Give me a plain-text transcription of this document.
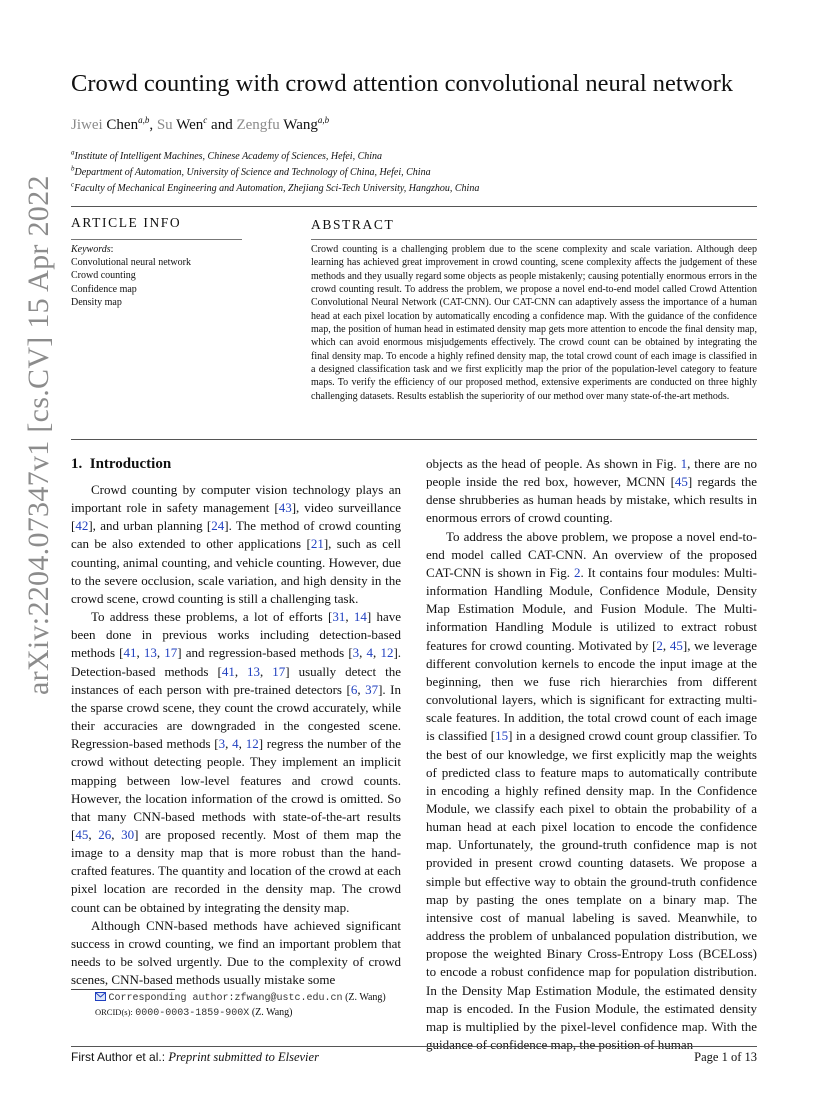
arXiv:2204.07347v1 [cs.CV] 15 Apr 2022
Crowd counting with crowd attention convolutional neural network
Jiwei Chen$^{a,b}$, Su Wen$^c$ and Zengfu Wang$^{a,b}$
$^a$Institute of Intelligent Machines, Chinese Academy of Sciences, Hefei, China
$^b$Department of Automation, University of Science and Technology of China, Hefei, China
$^c$Faculty of Mechanical Engineering and Automation, Zhejiang Sci-Tech University, Hangzhou, China
ARTICLE INFO	ABSTRACT
Keywords:
Convolutional neural network
Crowd counting
Confidence map
Density map
Crowd counting is a challenging problem due to the scene complexity and scale variation. Although deep learning has achieved great improvement in crowd counting, scene complexity affects the judgement of these methods and they usually regard some objects as people mistakenly; causing potentially enormous errors in the crowd counting result. To address the problem, we propose a novel end-to-end model called Crowd Attention Convolutional Neural Network (CAT-CNN). Our CAT-CNN can adaptively assess the importance of a human head at each pixel location by automatically encoding a confidence map. With the guidance of the confidence map, the position of human head in estimated density map gets more attention to encode the final density map, which can avoid enormous misjudgements effectively. The crowd count can be obtained by integrating the final density map. To encode a highly refined density map, the total crowd count of each image is classified in a designed classification task and we first explicitly map the prior of the population-level category to feature maps. To verify the efficiency of our proposed method, extensive experiments are conducted on three highly challenging datasets. Results establish the superiority of our method over many state-of-the-art methods.
1. Introduction

Crowd counting by computer vision technology plays an important role in safety management [43], video surveillance [42], and urban planning [24]. The method of crowd counting can be also extended to other applications [21], such as cell counting, animal counting, and vehicle counting. However, due to the severe occlusion, scale variation, and high density in the crowd scene, crowd counting is still a challenging task.

To address these problems, a lot of efforts [31, 14] have been done in previous works including detection-based methods [41, 13, 17] and regression-based methods [3, 4, 12]. Detection-based methods [41, 13, 17] usually detect the instances of each person with pre-trained detectors [6, 37]. In the sparse crowd scene, they count the crowd accurately, while their accuracies are downgraded in the congested scene. Regression-based methods [3, 4, 12] regress the number of the crowd without detecting people. They implement an implicit mapping between low-level features and crowd counts. However, the location information of the crowd is omitted. So that many CNN-based methods with state-of-the-art results [45, 26, 30] are proposed recently. Most of them map the image to a density map that is more robust than the hand-crafted features. The quantity and location of the crowd at each pixel location are recorded in the density map. The crowd count can be obtained by integrating the density map.

Although CNN-based methods have achieved significant success in crowd counting, we find an important problem that needs to be solved urgently. Due to the complexity of crowd scenes, CNN-based methods usually mistake some

objects as the head of people. As shown in Fig. 1, there are no people inside the red box, however, MCNN [45] regards the dense shrubberies as human heads by mistake, which results in enormous errors of crowd counting.

To address the above problem, we propose a novel end-to-end model called CAT-CNN. An overview of the proposed CAT-CNN is shown in Fig. 2. It contains four modules: Multi-information Handling Module, Confidence Module, Density Map Estimation Module, and Fusion Module. The Multi-information Handling Module is utilized to extract robust features for crowd counting. Motivated by [2, 45], we leverage different convolution kernels to encode the input image at the beginning, then we fuse rich hierarchies from different convolutional layers, which is significant for extracting multi-scale features. In addition, the total crowd count of each image is classified [15] in a designed crowd count group classifier. To the best of our knowledge, we first explicitly map the weights of predicted class to feature maps to automatically contribute in encoding a highly refined density map. In the Confidence Module, we classify each pixel to obtain the probability of a human head at each pixel location to encode the confidence map. Unfortunately, the ground-truth confidence map is not provided in present crowd counting datasets. We propose a simple but effective way to obtain the ground-truth confidence map by pasting the ones template on a binary map. The intensive cost of manual labeling is saved. Meanwhile, to address the problem of unbalanced population distribution, we propose the weighted Binary Cross-Entropy Loss (BCELoss) to encode a robust confidence map for population distribution. In the Density Map Estimation Module, the estimated density map is encoded. In the Fusion Module, the estimated density map is multiplied by the pixel-level confidence map. With the guidance of confidence map, the position of human

Corresponding author:zfwang@ustc.edu.cn (Z. Wang)
ORCID(s): 0000-0003-1859-900X (Z. Wang)
First Author et al.: Preprint submitted to Elsevier	Page 1 of 13
